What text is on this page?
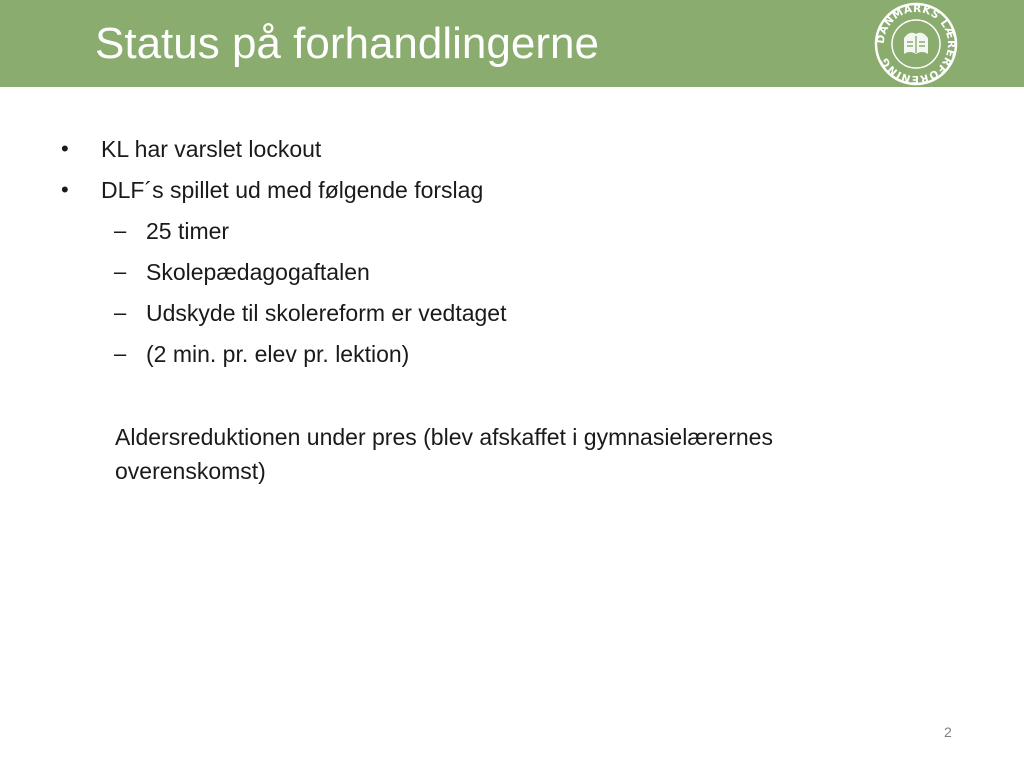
Status på forhandlingerne	DANMARKS LÆRERFORENING
• KL har varslet lockout
• DLF´s spillet ud med følgende forslag
– 25 timer
– Skolepædagogaftalen
– Udskyde til skolereform er vedtaget
– (2 min. pr. elev pr. lektion)
Aldersreduktionen under pres (blev afskaffet i gymnasielærernes overenskomst)
2
